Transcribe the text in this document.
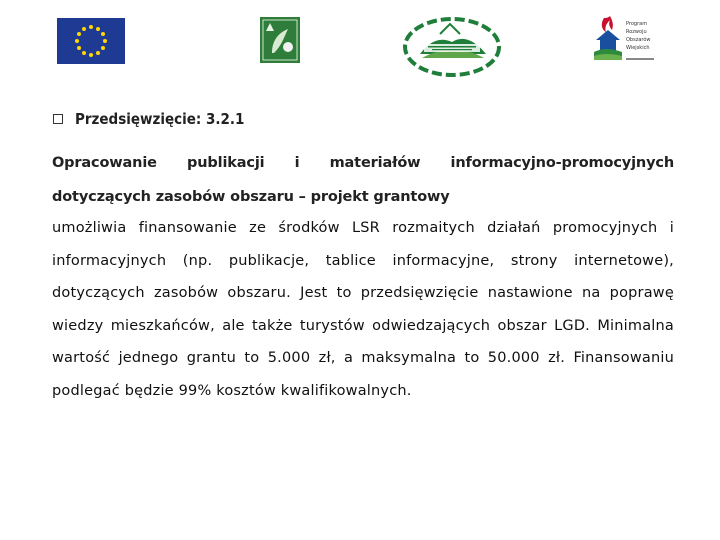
Program
Rozwoju
Obszarów
Wiejskich
Przedsięwzięcie: 3.2.1
Opracowanie publikacji i materiałów informacyjno-promocyjnych dotyczących zasobów obszaru – projekt grantowy
umożliwia finansowanie ze środków LSR rozmaitych działań promocyjnych i informacyjnych (np. publikacje, tablice informacyjne, strony internetowe), dotyczących zasobów obszaru. Jest to przedsięwzięcie nastawione na poprawę wiedzy mieszkańców, ale także turystów odwiedzających obszar LGD. Minimalna wartość jednego grantu to 5.000 zł, a maksymalna to 50.000 zł. Finansowaniu podlegać będzie 99% kosztów kwalifikowalnych.
